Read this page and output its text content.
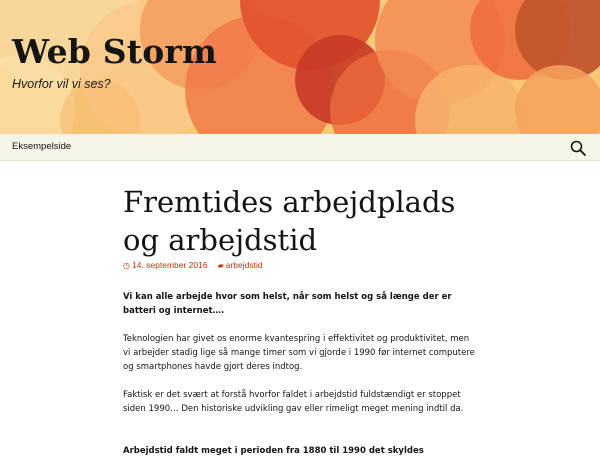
Web Storm
Hvorfor vil vi ses?
Eksempelside
Fremtides arbejdplads og arbejdstid
◷ 14. september 2016 ▰ arbejdstid
Vi kan alle arbejde hvor som helst, når som helst og så længe der er batteri og internet….
Teknologien har givet os enorme kvantespring i effektivitet og produktivitet, men vi arbejder stadig lige så mange timer som vi gjorde i 1990 før internet computere og smartphones havde gjort deres indtog.
Faktisk er det svært at forstå hvorfor faldet i arbejdstid fuldstændigt er stoppet siden 1990… Den historiske udvikling gav eller rimeligt meget mening indtil da.
Arbejdstid faldt meget i perioden fra 1880 til 1990 det skyldes
